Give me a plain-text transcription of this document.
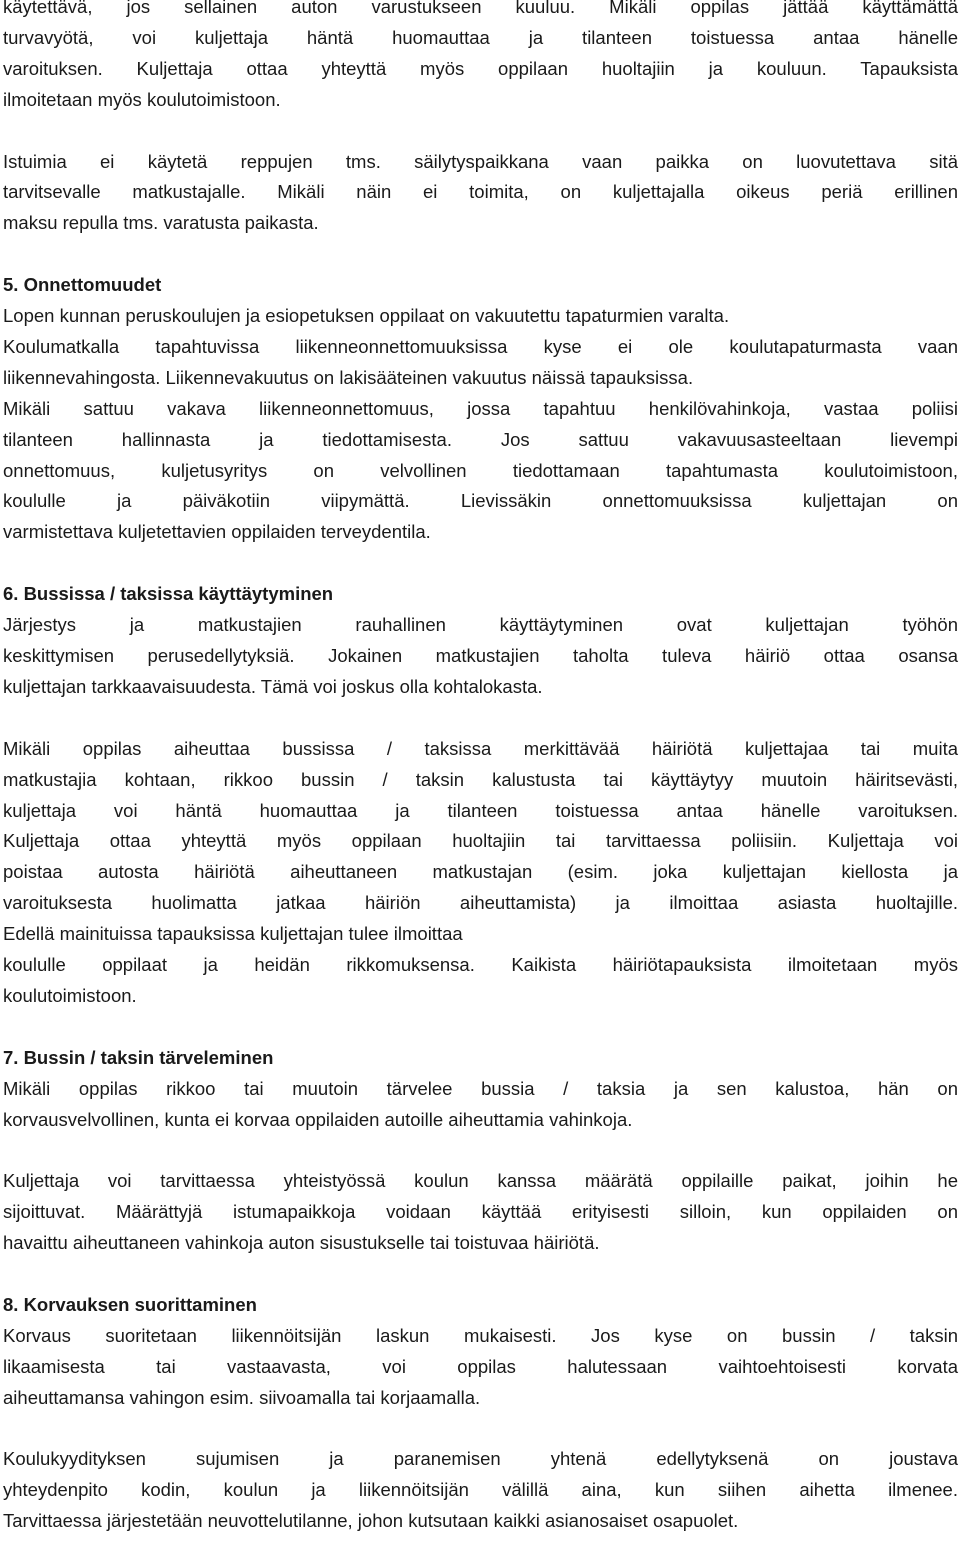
käytettävä, jos sellainen auton varustukseen kuuluu. Mikäli oppilas jättää käyttämättä
turvavyötä, voi kuljettaja häntä huomauttaa ja tilanteen toistuessa antaa hänelle
varoituksen. Kuljettaja ottaa yhteyttä myös oppilaan huoltajiin ja kouluun. Tapauksista
ilmoitetaan myös koulutoimistoon.
Istuimia ei käytetä reppujen tms. säilytyspaikkana vaan paikka on luovutettava sitä
tarvitsevalle matkustajalle. Mikäli näin ei toimita, on kuljettajalla oikeus periä erillinen
maksu repulla tms. varatusta paikasta.
5. Onnettomuudet
Lopen kunnan peruskoulujen ja esiopetuksen oppilaat on vakuutettu tapaturmien varalta.
Koulumatkalla tapahtuvissa liikenneonnettomuuksissa kyse ei ole koulutapaturmasta vaan
liikennevahingosta. Liikennevakuutus on lakisääteinen vakuutus näissä tapauksissa.
Mikäli sattuu vakava liikenneonnettomuus, jossa tapahtuu henkilövahinkoja, vastaa poliisi
tilanteen hallinnasta ja tiedottamisesta. Jos sattuu vakavuusasteeltaan lievempi
onnettomuus, kuljetusyritys on velvollinen tiedottamaan tapahtumasta koulutoimistoon,
koululle ja päiväkotiin viipymättä. Lievissäkin onnettomuuksissa kuljettajan on
varmistettava kuljetettavien oppilaiden terveydentila.
6. Bussissa / taksissa käyttäytyminen
Järjestys ja matkustajien rauhallinen käyttäytyminen ovat kuljettajan työhön
keskittymisen perusedellytyksiä. Jokainen matkustajien taholta tuleva häiriö ottaa osansa
kuljettajan tarkkaavaisuudesta. Tämä voi joskus olla kohtalokasta.
Mikäli oppilas aiheuttaa bussissa / taksissa merkittävää häiriötä kuljettajaa tai muita
matkustajia kohtaan, rikkoo bussin / taksin kalustusta tai käyttäytyy muutoin häiritsevästi,
kuljettaja voi häntä huomauttaa ja tilanteen toistuessa antaa hänelle varoituksen.
Kuljettaja ottaa yhteyttä myös oppilaan huoltajiin tai tarvittaessa poliisiin. Kuljettaja voi
poistaa autosta häiriötä aiheuttaneen matkustajan (esim. joka kuljettajan kiellosta ja
varoituksesta huolimatta jatkaa häiriön aiheuttamista) ja ilmoittaa asiasta huoltajille.
Edellä mainituissa tapauksissa kuljettajan tulee ilmoittaa
koululle oppilaat ja heidän rikkomuksensa. Kaikista häiriötapauksista ilmoitetaan myös
koulutoimistoon.
7. Bussin / taksin tärveleminen
Mikäli oppilas rikkoo tai muutoin tärvelee bussia / taksia ja sen kalustoa, hän on
korvausvelvollinen, kunta ei korvaa oppilaiden autoille aiheuttamia vahinkoja.
Kuljettaja voi tarvittaessa yhteistyössä koulun kanssa määrätä oppilaille paikat, joihin he
sijoittuvat. Määrättyjä istumapaikkoja voidaan käyttää erityisesti silloin, kun oppilaiden on
havaittu aiheuttaneen vahinkoja auton sisustukselle tai toistuvaa häiriötä.
8. Korvauksen suorittaminen
Korvaus suoritetaan liikennöitsijän laskun mukaisesti. Jos kyse on bussin / taksin
likaamisesta tai vastaavasta, voi oppilas halutessaan vaihtoehtoisesti korvata
aiheuttamansa vahingon esim. siivoamalla tai korjaamalla.
Koulukyydityksen sujumisen ja paranemisen yhtenä edellytyksenä on joustava
yhteydenpito kodin, koulun ja liikennöitsijän välillä aina, kun siihen aihetta ilmenee.
Tarvittaessa järjestetään neuvottelutilanne, johon kutsutaan kaikki asianosaiset osapuolet.
